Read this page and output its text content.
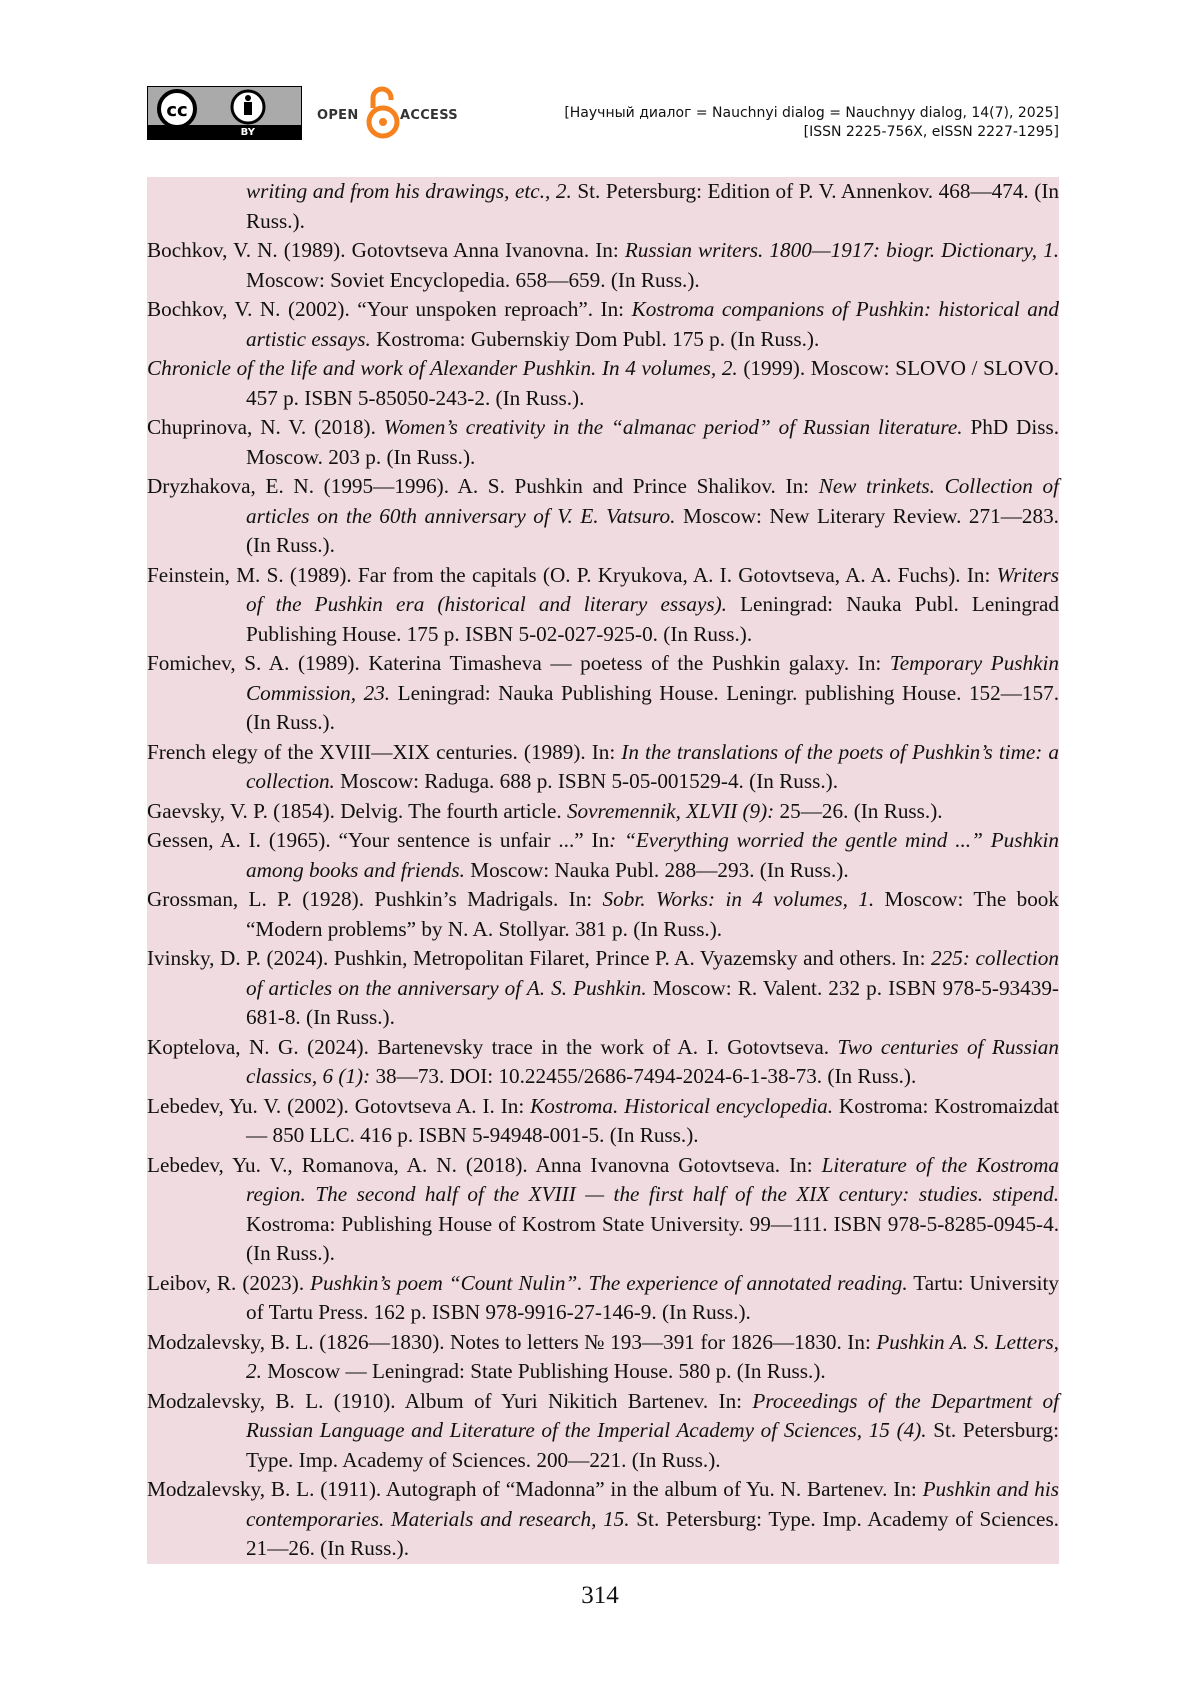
cc
BY
OPEN	ACCESS	[Научный диалог = Nauchnyi dialog = Nauchnyy dialog, 14(7), 2025]
[ISSN 2225-756X, eISSN 2227-1295]

writing and from his drawings, etc., 2. St. Petersburg: Edition of P. V. Annenkov. 468—474. (In Russ.).

Bochkov, V. N. (1989). Gotovtseva Anna Ivanovna. In: Russian writers. 1800—1917: biogr. Dictionary, 1. Moscow: Soviet Encyclopedia. 658—659. (In Russ.).

Bochkov, V. N. (2002). “Your unspoken reproach”. In: Kostroma companions of Pushkin: historical and artistic essays. Kostroma: Gubernskiy Dom Publ. 175 p. (In Russ.).

Chronicle of the life and work of Alexander Pushkin. In 4 volumes, 2. (1999). Moscow: SLOVO / SLOVO. 457 p. ISBN 5-85050-243-2. (In Russ.).

Chuprinova, N. V. (2018). Women’s creativity in the “almanac period” of Russian literature. PhD Diss. Moscow. 203 p. (In Russ.).

Dryzhakova, E. N. (1995—1996). A. S. Pushkin and Prince Shalikov. In: New trinkets. Collection of articles on the 60th anniversary of V. E. Vatsuro. Moscow: New Literary Review. 271—283. (In Russ.).

Feinstein, M. S. (1989). Far from the capitals (O. P. Kryukova, A. I. Gotovtseva, A. A. Fuchs). In: Writers of the Pushkin era (historical and literary essays). Leningrad: Nauka Publ. Leningrad Publishing House. 175 p. ISBN 5-02-027-925-0. (In Russ.).

Fomichev, S. A. (1989). Katerina Timasheva — poetess of the Pushkin galaxy. In: Temporary Pushkin Commission, 23. Leningrad: Nauka Publishing House. Leningr. publishing House. 152—157. (In Russ.).

French elegy of the XVIII—XIX centuries. (1989). In: In the translations of the poets of Pushkin’s time: a collection. Moscow: Raduga. 688 p. ISBN 5-05-001529-4. (In Russ.).

Gaevsky, V. P. (1854). Delvig. The fourth article. Sovremennik, XLVII (9): 25—26. (In Russ.).

Gessen, A. I. (1965). “Your sentence is unfair ...” In: “Everything worried the gentle mind ...” Pushkin among books and friends. Moscow: Nauka Publ. 288—293. (In Russ.).

Grossman, L. P. (1928). Pushkin’s Madrigals. In: Sobr. Works: in 4 volumes, 1. Moscow: The book “Modern problems” by N. A. Stollyar. 381 p. (In Russ.).

Ivinsky, D. P. (2024). Pushkin, Metropolitan Filaret, Prince P. A. Vyazemsky and others. In: 225: collection of articles on the anniversary of A. S. Pushkin. Moscow: R. Valent. 232 p. ISBN 978-5-93439-681-8. (In Russ.).

Koptelova, N. G. (2024). Bartenevsky trace in the work of A. I. Gotovtseva. Two centuries of Russian classics, 6 (1): 38—73. DOI: 10.22455/2686-7494-2024-6-1-38-73. (In Russ.).

Lebedev, Yu. V. (2002). Gotovtseva A. I. In: Kostroma. Historical encyclopedia. Kostroma: Kostromaizdat — 850 LLC. 416 p. ISBN 5-94948-001-5. (In Russ.).

Lebedev, Yu. V., Romanova, A. N. (2018). Anna Ivanovna Gotovtseva. In: Literature of the Kostroma region. The second half of the XVIII — the first half of the XIX century: studies. stipend. Kostroma: Publishing House of Kostrom State University. 99—111. ISBN 978-5-8285-0945-4. (In Russ.).

Leibov, R. (2023). Pushkin’s poem “Count Nulin”. The experience of annotated reading. Tartu: University of Tartu Press. 162 p. ISBN 978-9916-27-146-9. (In Russ.).

Modzalevsky, B. L. (1826—1830). Notes to letters № 193—391 for 1826—1830. In: Pushkin A. S. Letters, 2. Moscow — Leningrad: State Publishing House. 580 p. (In Russ.).

Modzalevsky, B. L. (1910). Album of Yuri Nikitich Bartenev. In: Proceedings of the Department of Russian Language and Literature of the Imperial Academy of Sciences, 15 (4). St. Petersburg: Type. Imp. Academy of Sciences. 200—221. (In Russ.).

Modzalevsky, B. L. (1911). Autograph of “Madonna” in the album of Yu. N. Bartenev. In: Pushkin and his contemporaries. Materials and research, 15. St. Petersburg: Type. Imp. Academy of Sciences. 21—26. (In Russ.).

314
